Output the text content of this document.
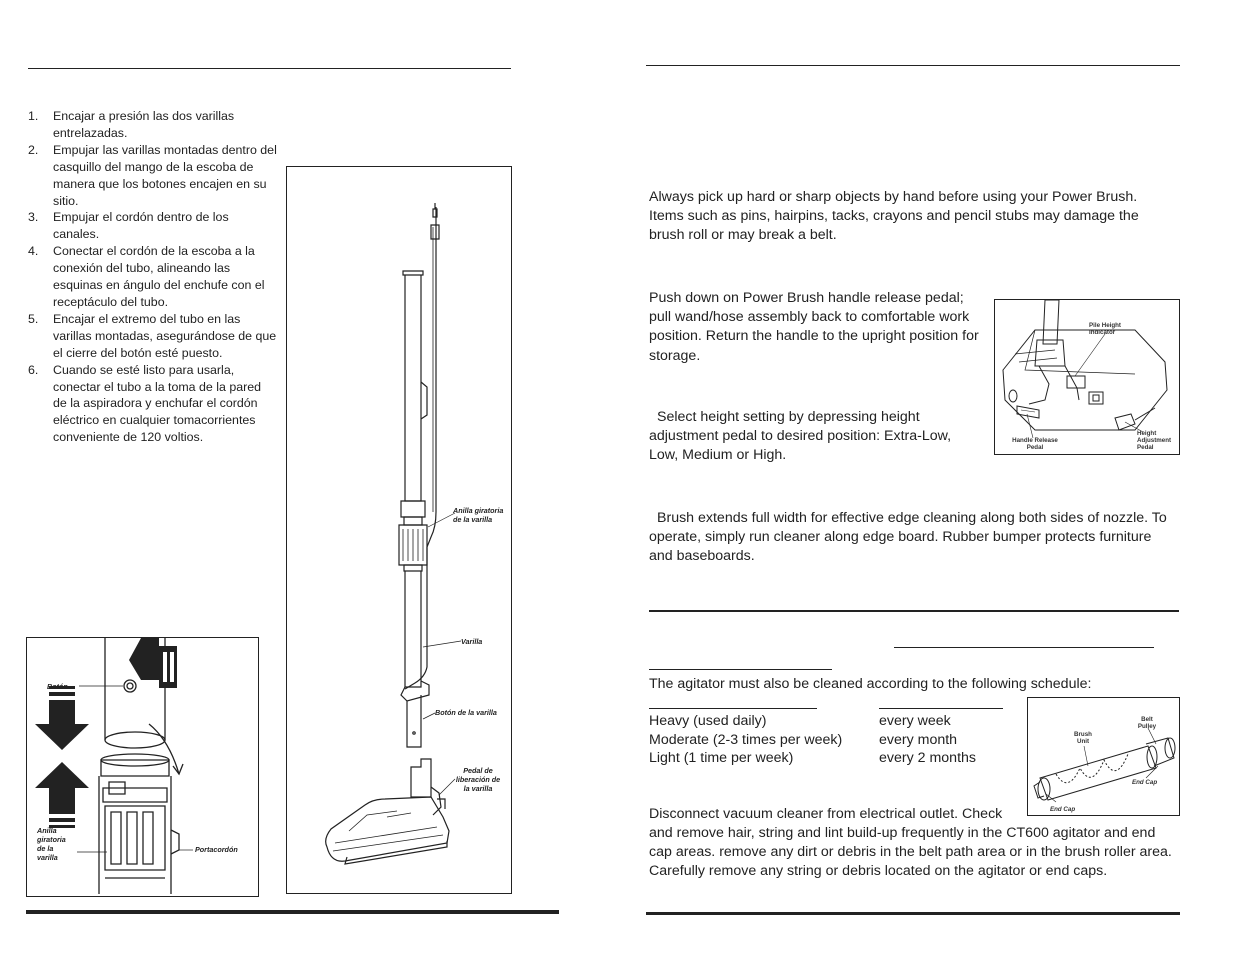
1. Encajar a presión las dos varillas entrelazadas.
2. Empujar las varillas montadas dentro del casquillo del mango de la escoba de manera que los botones encajen en su sitio.
3. Empujar el cordón dentro de los canales.
4. Conectar el cordón de la escoba a la conexión del tubo, alineando las esquinas en ángulo del enchufe con el receptáculo del tubo.
5. Encajar el extremo del tubo en las varillas montadas, asegurándose de que el cierre del botón esté puesto.
6. Cuando se esté listo para usarla, conectar el tubo a la toma de la pared de la aspiradora y enchufar el cordón eléctrico en cualquier tomacorrientes conveniente de 120 voltios.
Anilla giratoria de la varilla
Varilla
Botón de la varilla
Pedal de liberación de la varilla
Botón
Anilla giratoria de la varilla
Portacordón

Always pick up hard or sharp objects by hand before using your Power Brush. Items such as pins, hairpins, tacks, crayons and pencil stubs may damage the brush roll or may break a belt.

Push down on Power Brush handle release pedal; pull wand/hose assembly back to comfortable work position. Return the handle to the upright position for storage.

Select height setting by depressing height adjustment pedal to desired position: Extra-Low, Low, Medium or High.

Pile Height Indicator
Handle Release Pedal
Height Adjustment Pedal

Brush extends full width for effective edge cleaning along both sides of nozzle. To operate, simply run cleaner along edge board. Rubber bumper protects furniture and baseboards.

The agitator must also be cleaned according to the following schedule:

Heavy (used daily)
Moderate (2-3 times per week)
Light (1 time per week)
every week
every month
every 2 months
Brush Unit
Belt Pulley
End Cap
End Cap

Disconnect vacuum cleaner from electrical outlet. Check

and remove hair, string and lint build-up frequently in the CT600 agitator and end cap areas. remove any dirt or debris in the belt path area or in the brush roller area. Carefully remove any string or debris located on the agitator or end caps.
